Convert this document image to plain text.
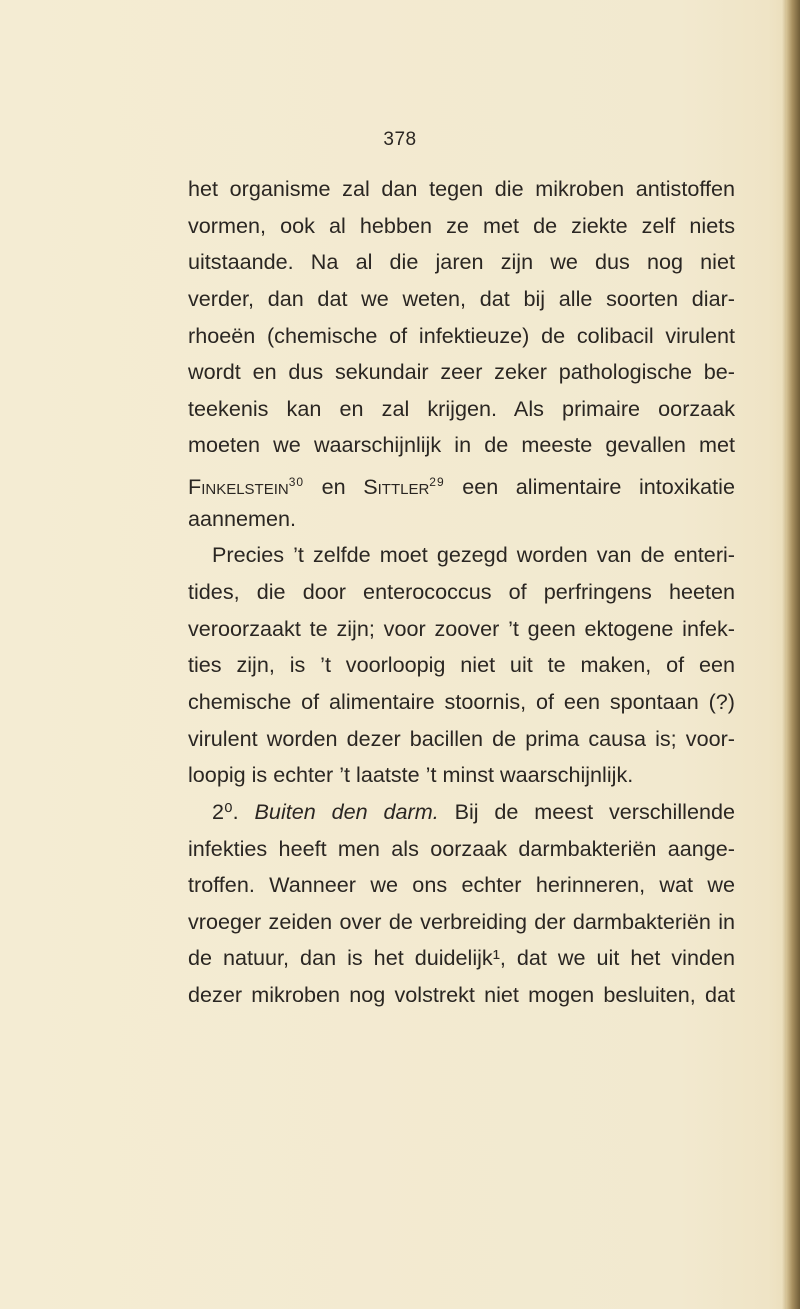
378
het organisme zal dan tegen die mikroben antistoffen
vormen, ook al hebben ze met de ziekte zelf niets
uitstaande. Na al die jaren zijn we dus nog niet
verder, dan dat we weten, dat bij alle soorten diar-
rhoeën (chemische of infektieuze) de colibacil virulent
wordt en dus sekundair zeer zeker pathologische be-
teekenis kan en zal krijgen. Als primaire oorzaak
moeten we waarschijnlijk in de meeste gevallen met
Finkelstein$^{30}$ en Sittler$^{29}$ een alimentaire intoxikatie
aannemen.
Precies ’t zelfde moet gezegd worden van de enteri-
tides, die door enterococcus of perfringens heeten
veroorzaakt te zijn; voor zoover ’t geen ektogene infek-
ties zijn, is ’t voorloopig niet uit te maken, of een
chemische of alimentaire stoornis, of een spontaan (?)
virulent worden dezer bacillen de prima causa is; voor-
loopig is echter ’t laatste ’t minst waarschijnlijk.
2⁰. Buiten den darm. Bij de meest verschillende
infekties heeft men als oorzaak darmbakteriën aange-
troffen. Wanneer we ons echter herinneren, wat we
vroeger zeiden over de verbreiding der darmbakteriën in
de natuur, dan is het duidelijk¹, dat we uit het vinden
dezer mikroben nog volstrekt niet mogen besluiten, dat
